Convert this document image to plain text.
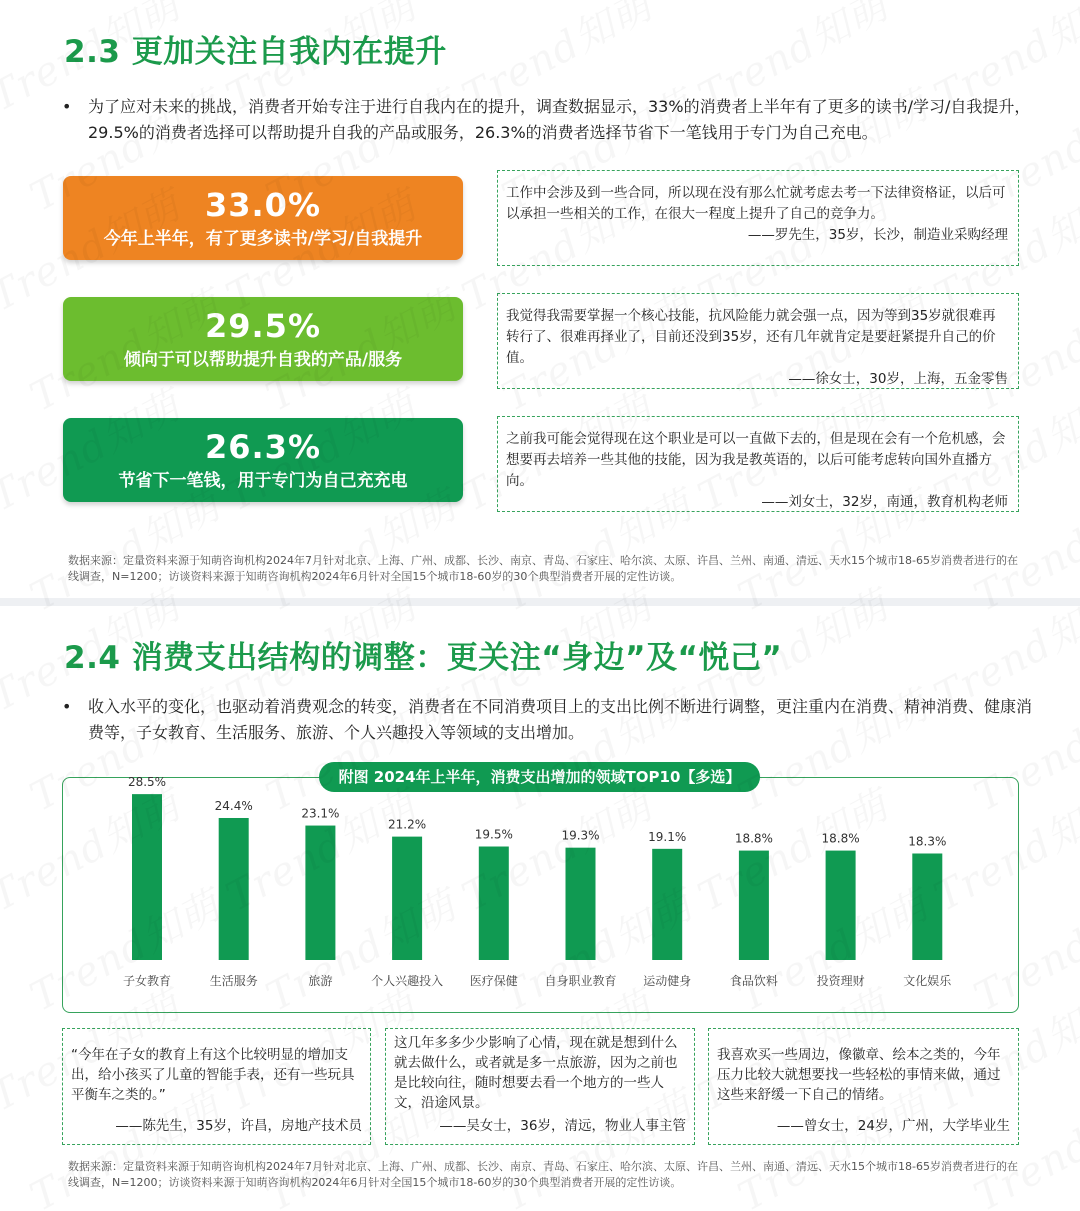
2.3 更加关注自我内在提升
•	为了应对未来的挑战，消费者开始专注于进行自我内在的提升，调查数据显示，33%的消费者上半年有了更多的读书/学习/自我提升，29.5%的消费者选择可以帮助提升自我的产品或服务，26.3%的消费者选择节省下一笔钱用于专门为自己充电。
33.0%
今年上半年，有了更多读书/学习/自我提升
29.5%
倾向于可以帮助提升自我的产品/服务
26.3%
节省下一笔钱，用于专门为自己充充电
工作中会涉及到一些合同，所以现在没有那么忙就考虑去考一下法律资格证，以后可以承担一些相关的工作，在很大一程度上提升了自己的竞争力。
——罗先生，35岁，长沙，制造业采购经理
我觉得我需要掌握一个核心技能，抗风险能力就会强一点，因为等到35岁就很难再转行了、很难再择业了，目前还没到35岁，还有几年就肯定是要赶紧提升自己的价值。
——徐女士，30岁，上海，五金零售
之前我可能会觉得现在这个职业是可以一直做下去的，但是现在会有一个危机感，会想要再去培养一些其他的技能，因为我是教英语的，以后可能考虑转向国外直播方向。
——刘女士，32岁，南通，教育机构老师
数据来源：定量资料来源于知萌咨询机构2024年7月针对北京、上海、广州、成都、长沙、南京、青岛、石家庄、哈尔滨、太原、许昌、兰州、南通、清远、天水15个城市18-65岁消费者进行的在线调查，N=1200；访谈资料来源于知萌咨询机构2024年6月针对全国15个城市18-60岁的30个典型消费者开展的定性访谈。
2.4 消费支出结构的调整：更关注“身边”及“悦己”
•	收入水平的变化，也驱动着消费观念的转变，消费者在不同消费项目上的支出比例不断进行调整，更注重内在消费、精神消费、健康消费等，子女教育、生活服务、旅游、个人兴趣投入等领域的支出增加。
28.5%
子女教育
24.4%
生活服务
23.1%
旅游
21.2%
个人兴趣投入
19.5%
医疗保健
19.3%
自身职业教育
19.1%
运动健身
18.8%
食品饮料
18.8%
投资理财
18.3%
文化娱乐
附图 2024年上半年，消费支出增加的领域TOP10【多选】
“今年在子女的教育上有这个比较明显的增加支出，给小孩买了儿童的智能手表，还有一些玩具平衡车之类的。”
——陈先生，35岁，许昌，房地产技术员
这几年多多少少影响了心情，现在就是想到什么就去做什么，或者就是多一点旅游，因为之前也是比较向往，随时想要去看一个地方的一些人文，沿途风景。
——吴女士，36岁，清远，物业人事主管
我喜欢买一些周边，像徽章、绘本之类的，今年压力比较大就想要找一些轻松的事情来做，通过这些来舒缓一下自己的情绪。
——曾女士，24岁，广州，大学毕业生
数据来源：定量资料来源于知萌咨询机构2024年7月针对北京、上海、广州、成都、长沙、南京、青岛、石家庄、哈尔滨、太原、许昌、兰州、南通、清远、天水15个城市18-65岁消费者进行的在线调查，N=1200；访谈资料来源于知萌咨询机构2024年6月针对全国15个城市18-60岁的30个典型消费者开展的定性访谈。
